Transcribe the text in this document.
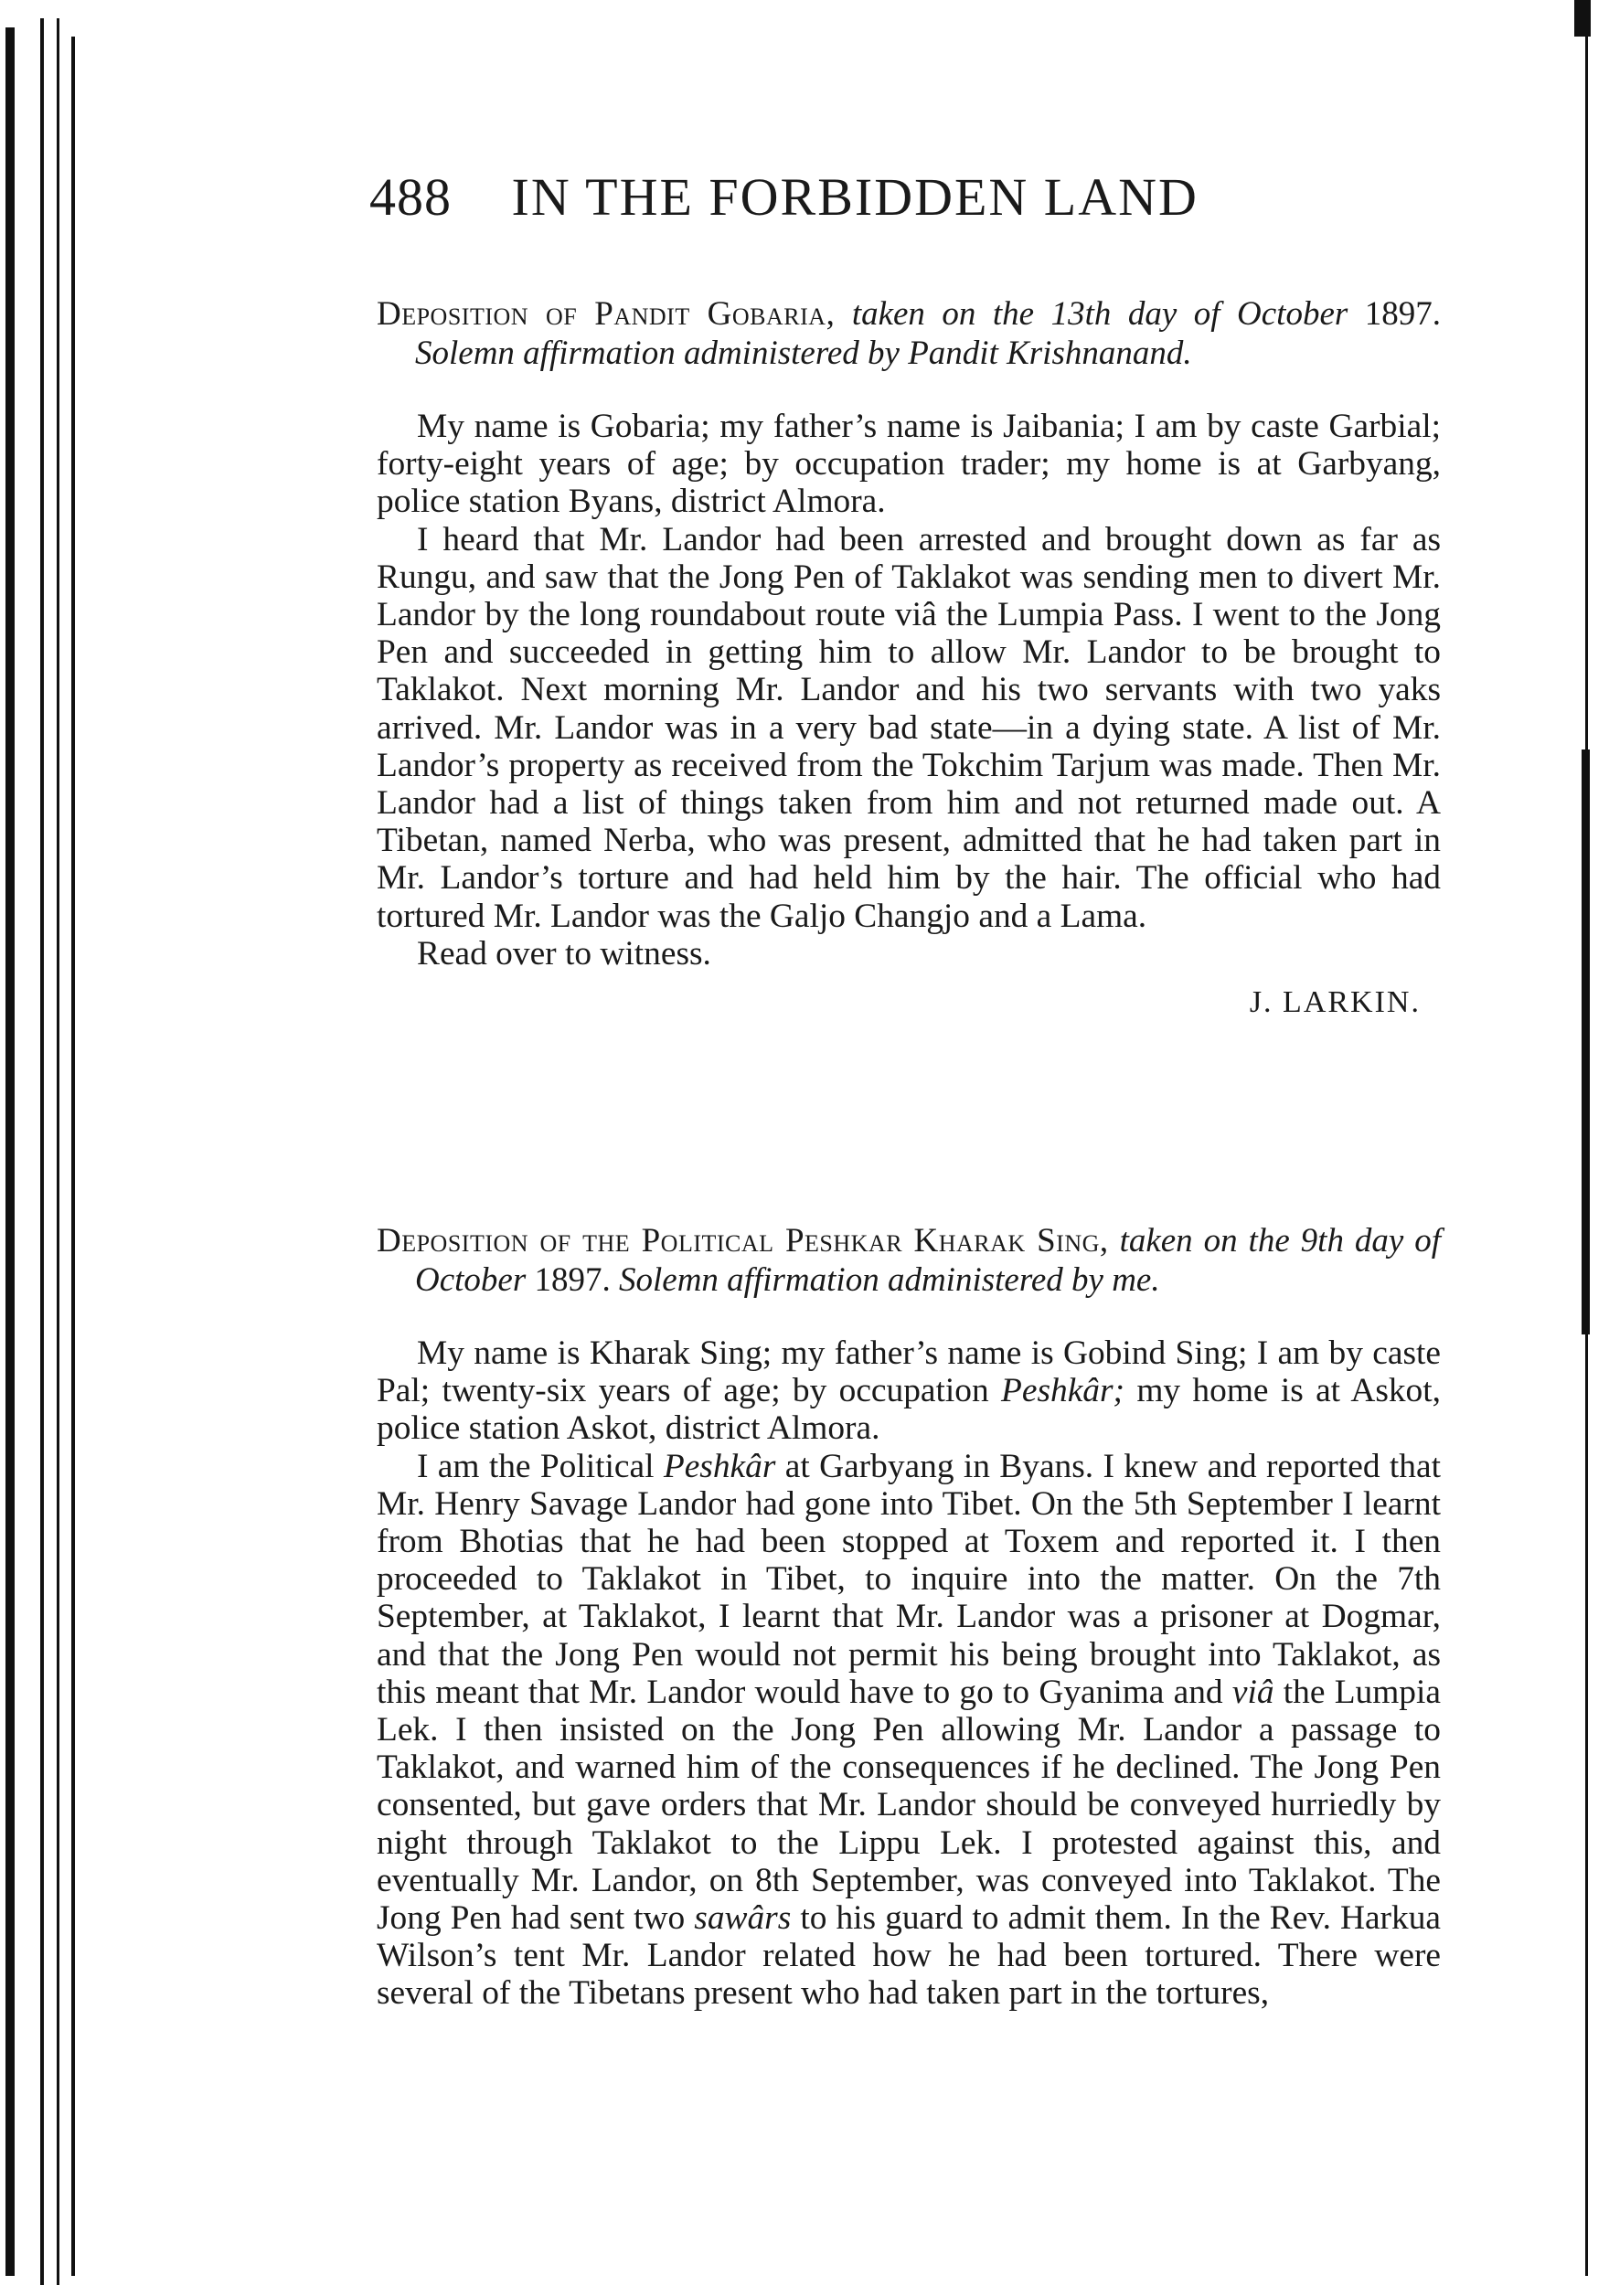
488 IN THE FORBIDDEN LAND

Deposition of Pandit Gobaria, taken on the 13th day of October 1897. Solemn affirmation administered by Pandit Krishnanand.

My name is Gobaria; my father’s name is Jaibania; I am by caste Garbial; forty-eight years of age; by occupation trader; my home is at Garbyang, police station Byans, district Almora.

I heard that Mr. Landor had been arrested and brought down as far as Rungu, and saw that the Jong Pen of Taklakot was sending men to divert Mr. Landor by the long roundabout route viâ the Lumpia Pass. I went to the Jong Pen and succeeded in getting him to allow Mr. Landor to be brought to Taklakot. Next morning Mr. Landor and his two servants with two yaks arrived. Mr. Landor was in a very bad state—in a dying state. A list of Mr. Landor’s property as received from the Tokchim Tarjum was made. Then Mr. Landor had a list of things taken from him and not returned made out. A Tibetan, named Nerba, who was present, admitted that he had taken part in Mr. Landor’s torture and had held him by the hair. The official who had tortured Mr. Landor was the Galjo Changjo and a Lama.

Read over to witness.

J. LARKIN.

Deposition of the Political Peshkar Kharak Sing, taken on the 9th day of October 1897. Solemn affirmation administered by me.

My name is Kharak Sing; my father’s name is Gobind Sing; I am by caste Pal; twenty-six years of age; by occupation Peshkâr; my home is at Askot, police station Askot, district Almora.

I am the Political Peshkâr at Garbyang in Byans. I knew and reported that Mr. Henry Savage Landor had gone into Tibet. On the 5th September I learnt from Bhotias that he had been stopped at Toxem and reported it. I then proceeded to Taklakot in Tibet, to inquire into the matter. On the 7th September, at Taklakot, I learnt that Mr. Landor was a prisoner at Dogmar, and that the Jong Pen would not permit his being brought into Taklakot, as this meant that Mr. Landor would have to go to Gyanima and viâ the Lumpia Lek. I then insisted on the Jong Pen allowing Mr. Landor a passage to Taklakot, and warned him of the consequences if he declined. The Jong Pen consented, but gave orders that Mr. Landor should be conveyed hurriedly by night through Taklakot to the Lippu Lek. I protested against this, and eventually Mr. Landor, on 8th September, was conveyed into Taklakot. The Jong Pen had sent two sawârs to his guard to admit them. In the Rev. Harkua Wilson’s tent Mr. Landor related how he had been tortured. There were several of the Tibetans present who had taken part in the tortures,
